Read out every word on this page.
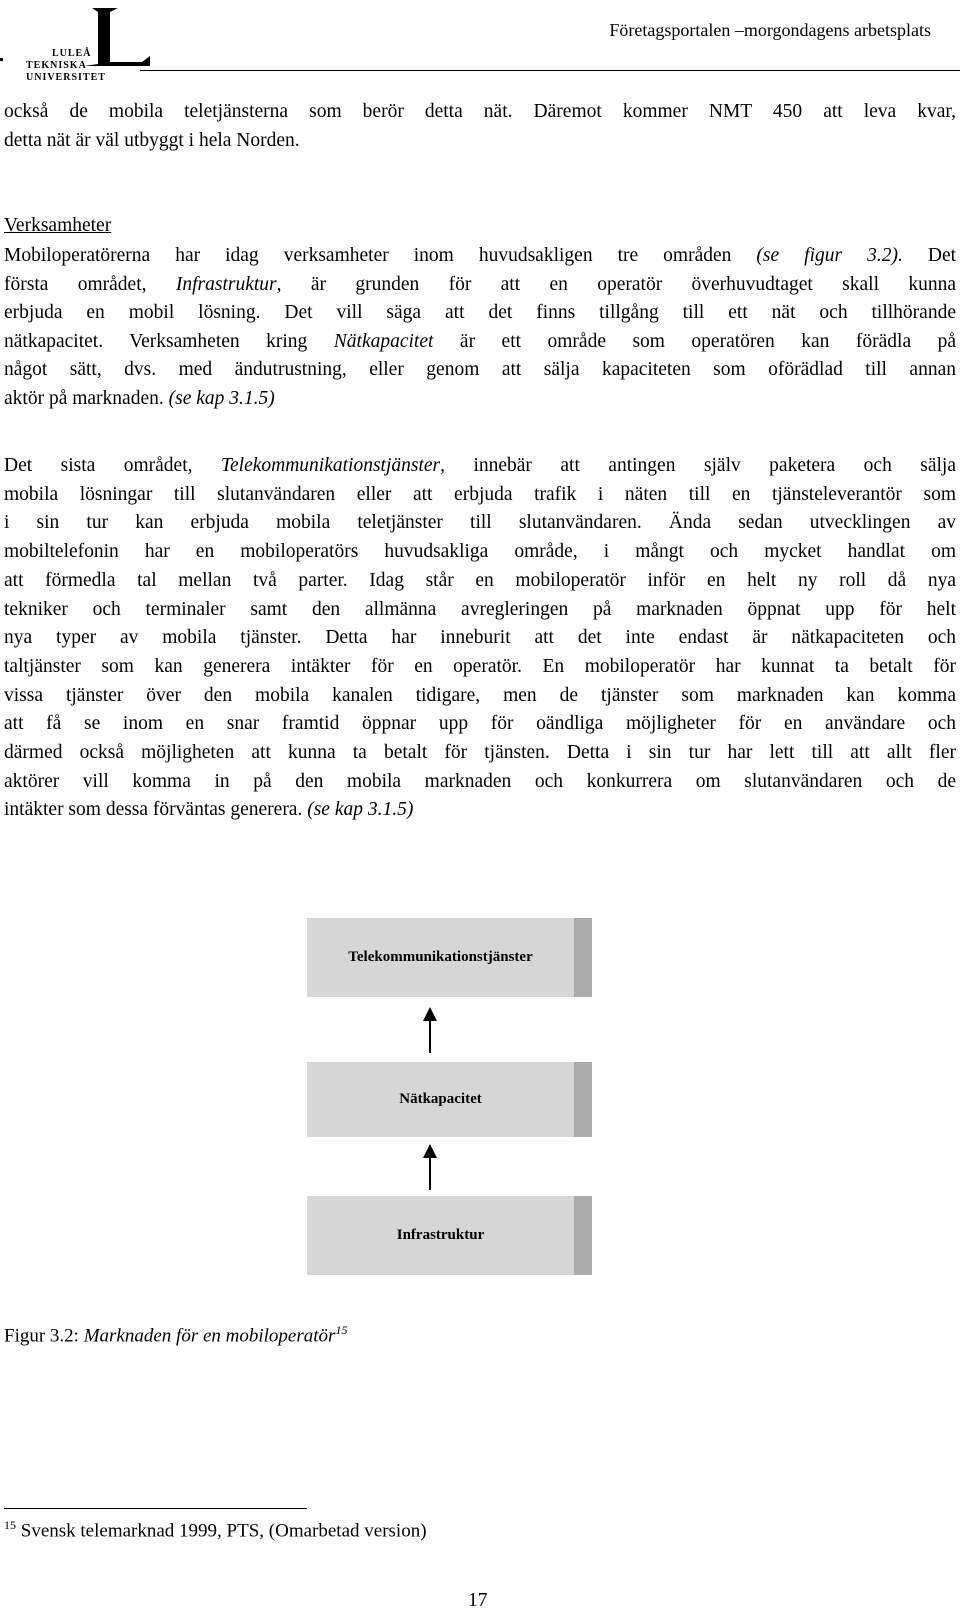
LULEÅ
TEKNISKA
UNIVERSITET
Företagsportalen –morgondagens arbetsplats

också de mobila teletjänsterna som berör detta nät. Däremot kommer NMT 450 att leva kvar,
detta nät är väl utbyggt i hela Norden.

Verksamheter

Mobiloperatörerna har idag verksamheter inom huvudsakligen tre områden (se figur 3.2). Det
första området, Infrastruktur, är grunden för att en operatör överhuvudtaget skall kunna
erbjuda en mobil lösning. Det vill säga att det finns tillgång till ett nät och tillhörande
nätkapacitet. Verksamheten kring Nätkapacitet är ett område som operatören kan förädla på
något sätt, dvs. med ändutrustning, eller genom att sälja kapaciteten som oförädlad till annan
aktör på marknaden. (se kap 3.1.5)

Det sista området, Telekommunikationstjänster, innebär att antingen själv paketera och sälja
mobila lösningar till slutanvändaren eller att erbjuda trafik i näten till en tjänsteleverantör som
i sin tur kan erbjuda mobila teletjänster till slutanvändaren. Ända sedan utvecklingen av
mobiltelefonin har en mobiloperatörs huvudsakliga område, i mångt och mycket handlat om
att förmedla tal mellan två parter. Idag står en mobiloperatör inför en helt ny roll då nya
tekniker och terminaler samt den allmänna avregleringen på marknaden öppnat upp för helt
nya typer av mobila tjänster. Detta har inneburit att det inte endast är nätkapaciteten och
taltjänster som kan generera intäkter för en operatör. En mobiloperatör har kunnat ta betalt för
vissa tjänster över den mobila kanalen tidigare, men de tjänster som marknaden kan komma
att få se inom en snar framtid öppnar upp för oändliga möjligheter för en användare och
därmed också möjligheten att kunna ta betalt för tjänsten. Detta i sin tur har lett till att allt fler
aktörer vill komma in på den mobila marknaden och konkurrera om slutanvändaren och de
intäkter som dessa förväntas generera. (se kap 3.1.5)

Telekommunikationstjänster
Nätkapacitet
Infrastruktur
Figur 3.2: Marknaden för en mobiloperatör$^{15}$
$^{15}$ Svensk telemarknad 1999, PTS, (Omarbetad version)
17
